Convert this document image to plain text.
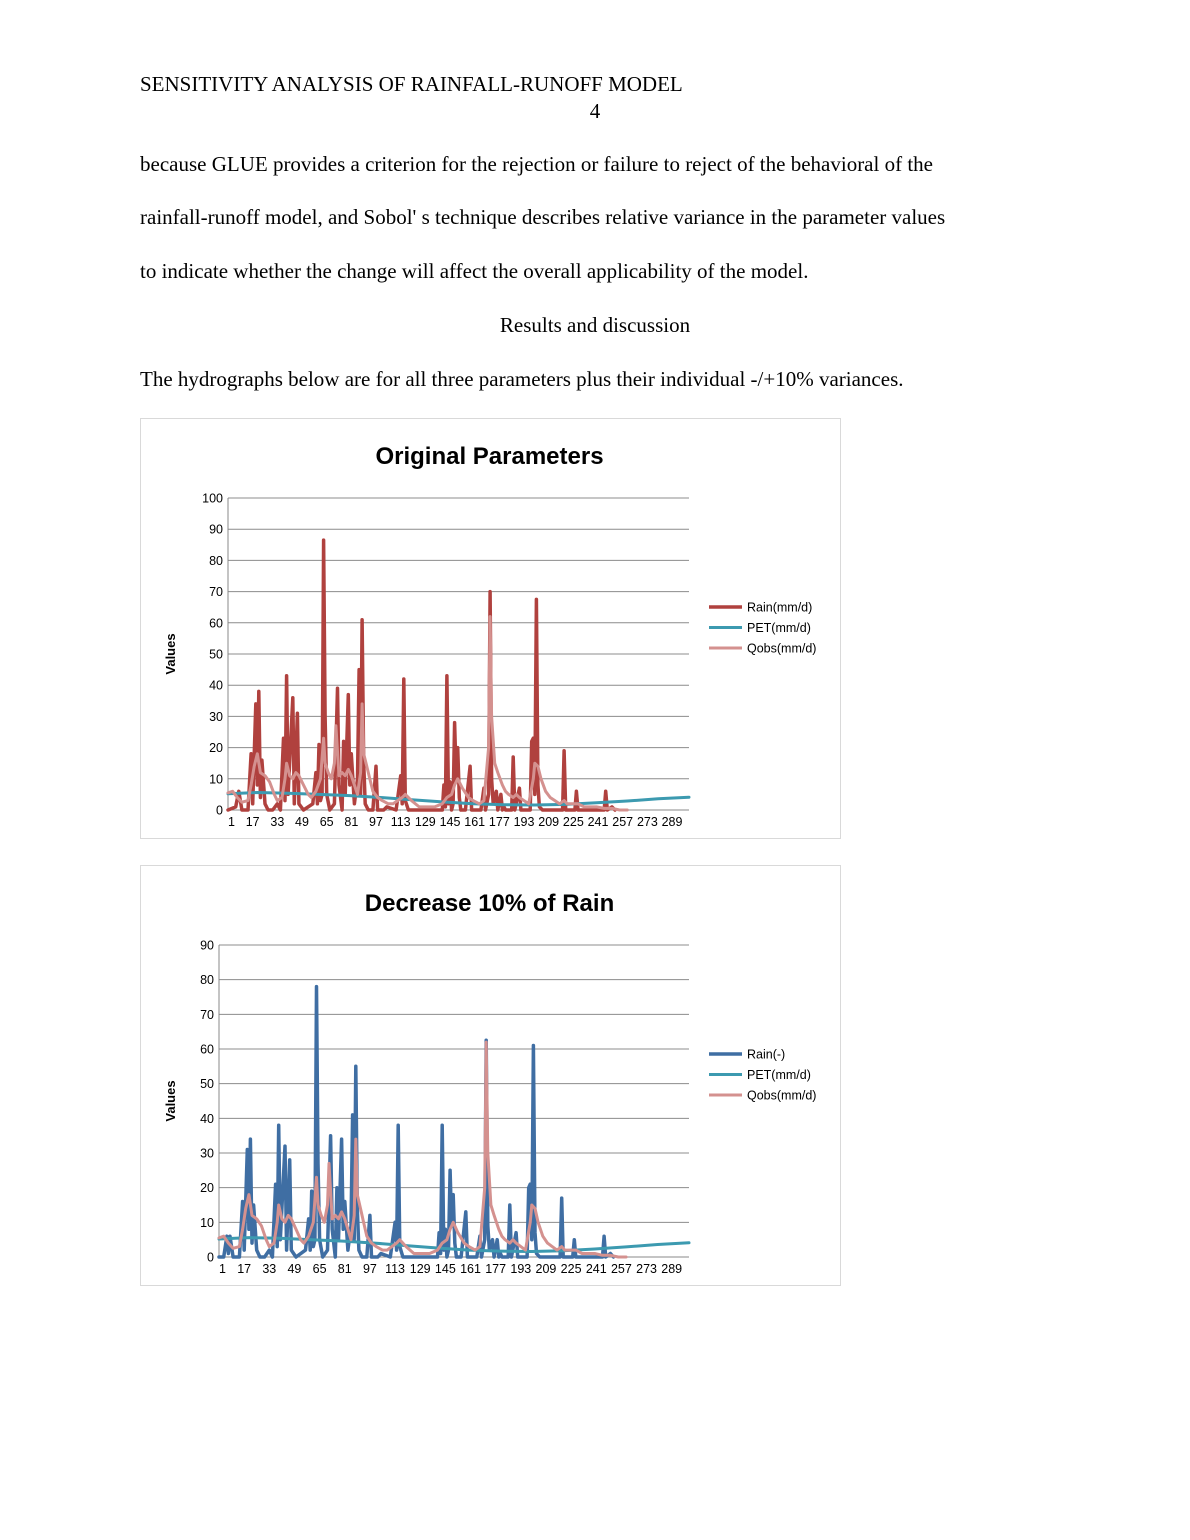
SENSITIVITY ANALYSIS OF RAINFALL-RUNOFF MODEL
4
because GLUE provides a criterion for the rejection or failure to reject of the behavioral of the
rainfall-runoff model, and Sobol' s technique describes relative variance in the parameter values
to indicate whether the change will affect the overall applicability of the model.
Results and discussion
The hydrographs below are for all three parameters plus their individual -/+10% variances.
Original Parameters
0
10
20
30
40
50
60
70
80
90
100
1 17 33 49 65 81 97 113 129 145 161 177 193 209 225 241 257 273 289
Values
Rain(mm/d)
PET(mm/d)
Qobs(mm/d)
Decrease 10% of Rain
0
10
20
30
40
50
60
70
80
90
1 17 33 49 65 81 97 113 129 145 161 177 193 209 225 241 257 273 289
Values
Rain(-)
PET(mm/d)
Qobs(mm/d)
